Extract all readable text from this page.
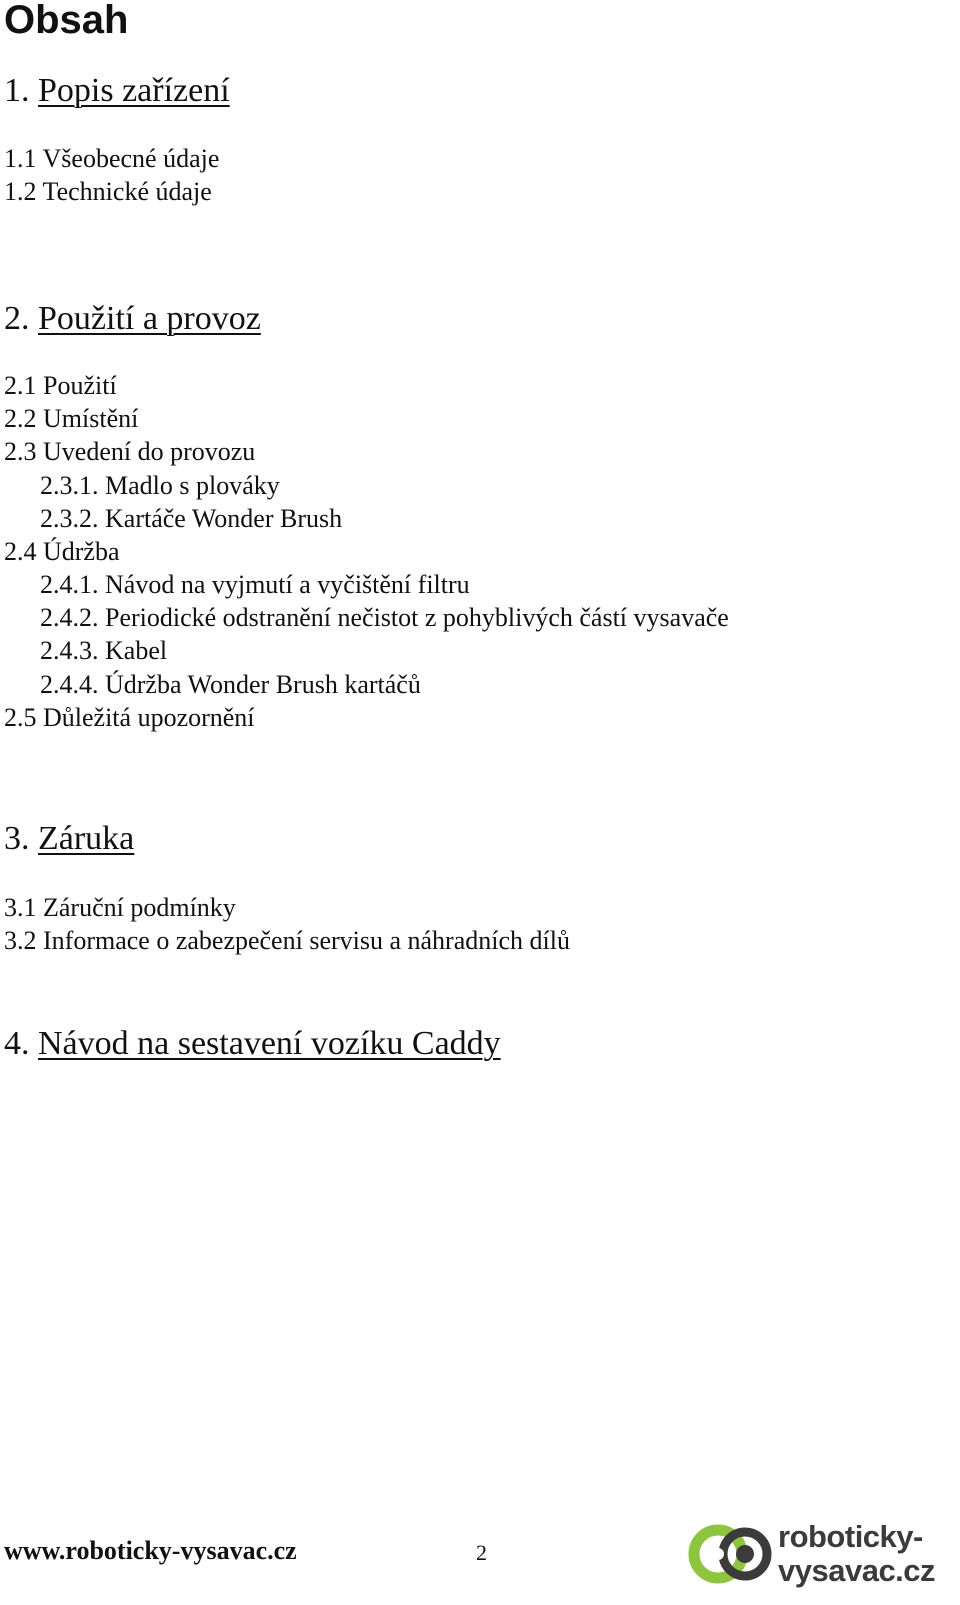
Obsah
1. Popis zařízení
1.1 Všeobecné údaje
1.2 Technické údaje
2. Použití a provoz
2.1 Použití
2.2 Umístění
2.3 Uvedení do provozu
2.3.1. Madlo s plováky
2.3.2. Kartáče Wonder Brush
2.4 Údržba
2.4.1. Návod na vyjmutí a vyčištění filtru
2.4.2. Periodické odstranění nečistot z pohyblivých částí vysavače
2.4.3. Kabel
2.4.4. Údržba Wonder Brush kartáčů
2.5 Důležitá upozornění
3. Záruka
3.1 Záruční podmínky
3.2 Informace o zabezpečení servisu a náhradních dílů
4. Návod na sestavení vozíku Caddy
www.roboticky-vysavac.cz	2	roboticky-
vysavac.cz
